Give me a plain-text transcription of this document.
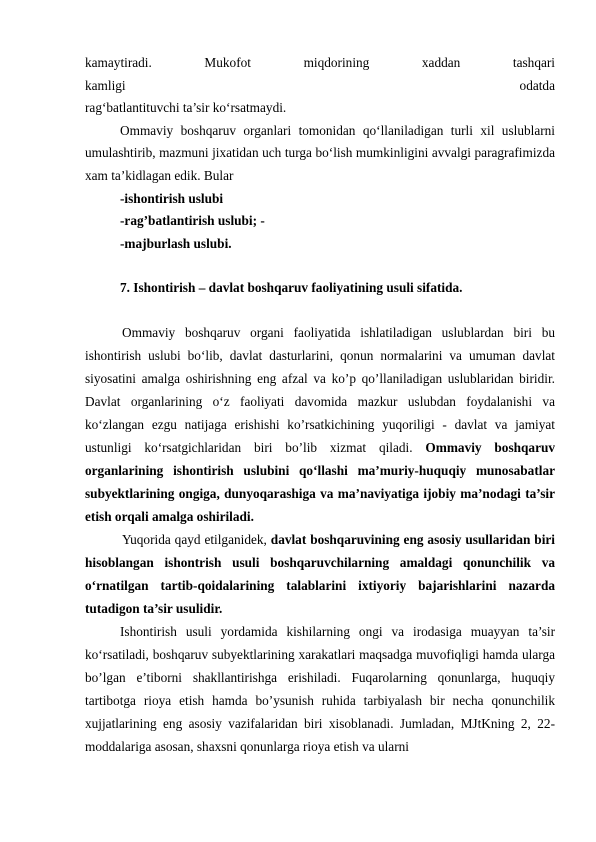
kamaytiradi. Mukofot miqdorining xaddan tashqari kamligi odatda

rag‘batlantituvchi ta’sir ko‘rsatmaydi.

Ommaviy boshqaruv organlari tomonidan qo‘llaniladigan turli xil uslublarni umulashtirib, mazmuni jixatidan uch turga bo‘lish mumkinligini avvalgi paragrafimizda xam ta’kidlagan edik. Bular

-ishontirish uslubi
-rag’batlantirish uslubi; -
-majburlash uslubi.
7. Ishontirish – davlat boshqaruv faoliyatining usuli sifatida.

Ommaviy boshqaruv organi faoliyatida ishlatiladigan uslublardan biri bu ishontirish uslubi bo‘lib, davlat dasturlarini, qonun normalarini va umuman davlat siyosatini amalga oshirishning eng afzal va ko’p qo’llaniladigan uslublaridan biridir. Davlat organlarining o‘z faoliyati davomida mazkur uslubdan foydalanishi va ko‘zlangan ezgu natijaga erishishi ko’rsatkichining yuqoriligi - davlat va jamiyat ustunligi ko‘rsatgichlaridan biri bo’lib xizmat qiladi. Ommaviy boshqaruv organlarining ishontirish uslubini qo‘llashi ma’muriy-huquqiy munosabatlar subyektlarining ongiga, dunyoqarashiga va ma’naviyatiga ijobiy ma’nodagi ta’sir etish orqali amalga oshiriladi.

Yuqorida qayd etilganidek, davlat boshqaruvining eng asosiy usullaridan biri hisoblangan ishontrish usuli boshqaruvchilarning amaldagi qonunchilik va o‘rnatilgan tartib-qoidalarining talablarini ixtiyoriy bajarishlarini nazarda tutadigon ta’sir usulidir.

Ishontirish usuli yordamida kishilarning ongi va irodasiga muayyan ta’sir ko‘rsatiladi, boshqaruv subyektlarining xarakatlari maqsadga muvofiqligi hamda ularga bo’lgan e’tiborni shakllantirishga erishiladi. Fuqarolarning qonunlarga, huquqiy tartibotga rioya etish hamda bo’ysunish ruhida tarbiyalash bir necha qonunchilik xujjatlarining eng asosiy vazifalaridan biri xisoblanadi. Jumladan, MJtKning 2, 22-moddalariga asosan, shaxsni qonunlarga rioya etish va ularni
